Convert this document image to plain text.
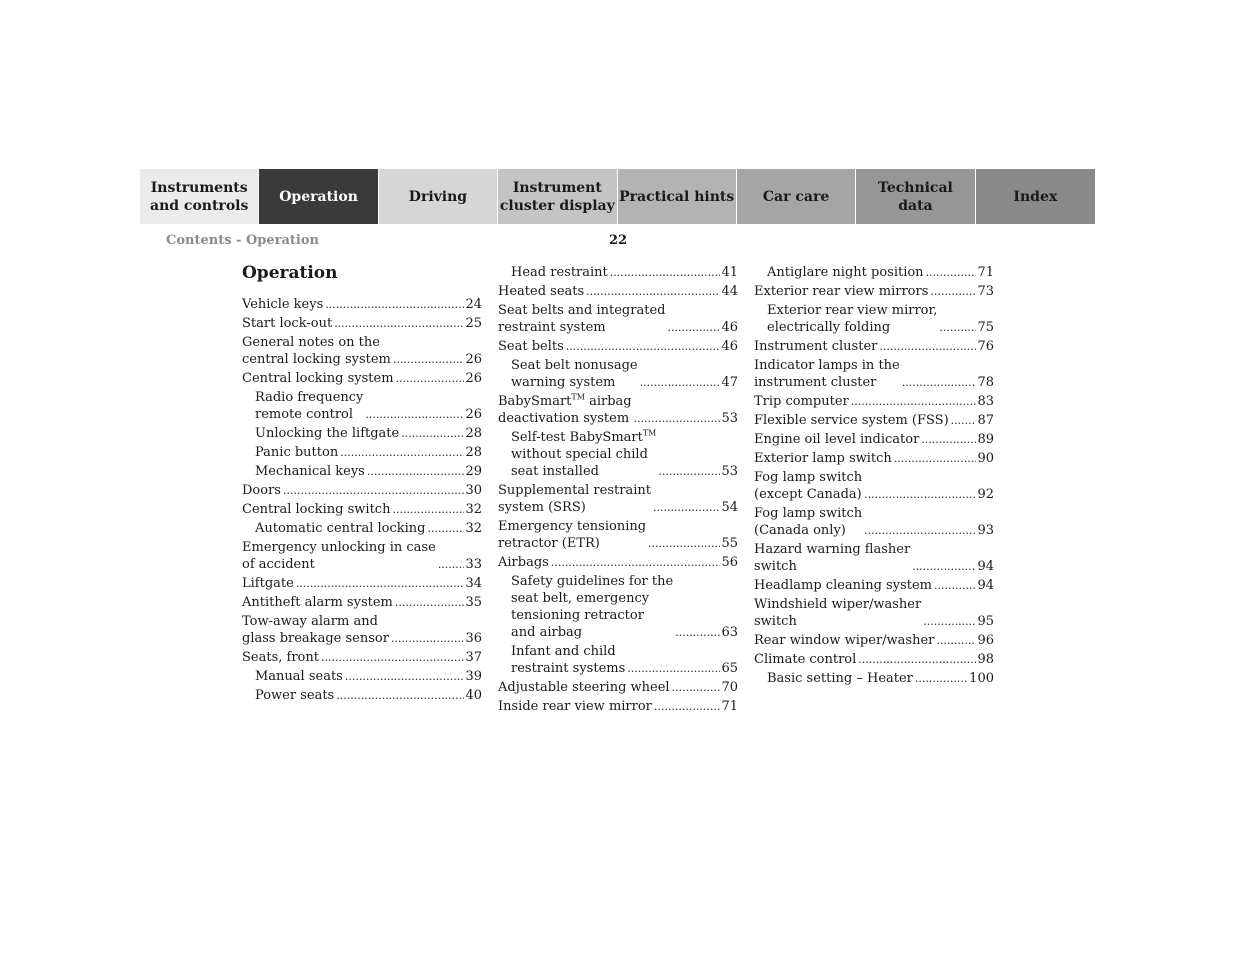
Instruments
and controls
Operation	Driving
Instrument
cluster display
Practical hints Car care
Technical
data
Index
Contents - Operation	22
Operation
Vehicle keys .....	24
Start lock-out .....	25
General notes on the
central locking system .....	26
Central locking system .....	26
Radio frequency
remote control .....	26
Unlocking the liftgate .....	28
Panic button .....	28
Mechanical keys .....	29
Doors .....	30
Central locking switch .....	32
Automatic central locking .....	32
Emergency unlocking in case
of accident .....	33
Liftgate .....	34
Antitheft alarm system .....	35
Tow-away alarm and
glass breakage sensor .....	36
Seats, front .....	37
Manual seats .....	39
Power seats .....	40
Head restraint .....	41
Heated seats .....	44
Seat belts and integrated
restraint system .....	46
Seat belts .....	46
Seat belt nonusage
warning system .....	47
BabySmart™ airbag
deactivation system .....	53
Self-test BabySmart™
without special child
seat installed .....	53
Supplemental restraint
system (SRS) .....	54
Emergency tensioning
retractor (ETR) .....	55
Airbags .....	56
Safety guidelines for the
seat belt, emergency
tensioning retractor
and airbag .....	63
Infant and child
restraint systems .....	65
Adjustable steering wheel .....	70
Inside rear view mirror .....	71
Antiglare night position .....	71
Exterior rear view mirrors .....	73
Exterior rear view mirror,
electrically folding .....	75
Instrument cluster .....	76
Indicator lamps in the
instrument cluster .....	78
Trip computer .....	83
Flexible service system (FSS) ..... 87
Engine oil level indicator .....	89
Exterior lamp switch .....	90
Fog lamp switch
(except Canada) .....	92
Fog lamp switch
(Canada only) .....	93
Hazard warning flasher
switch .....	94
Headlamp cleaning system .....	94
Windshield wiper/washer
switch .....	95
Rear window wiper/washer .....	96
Climate control .....	98
Basic setting – Heater .....	100
